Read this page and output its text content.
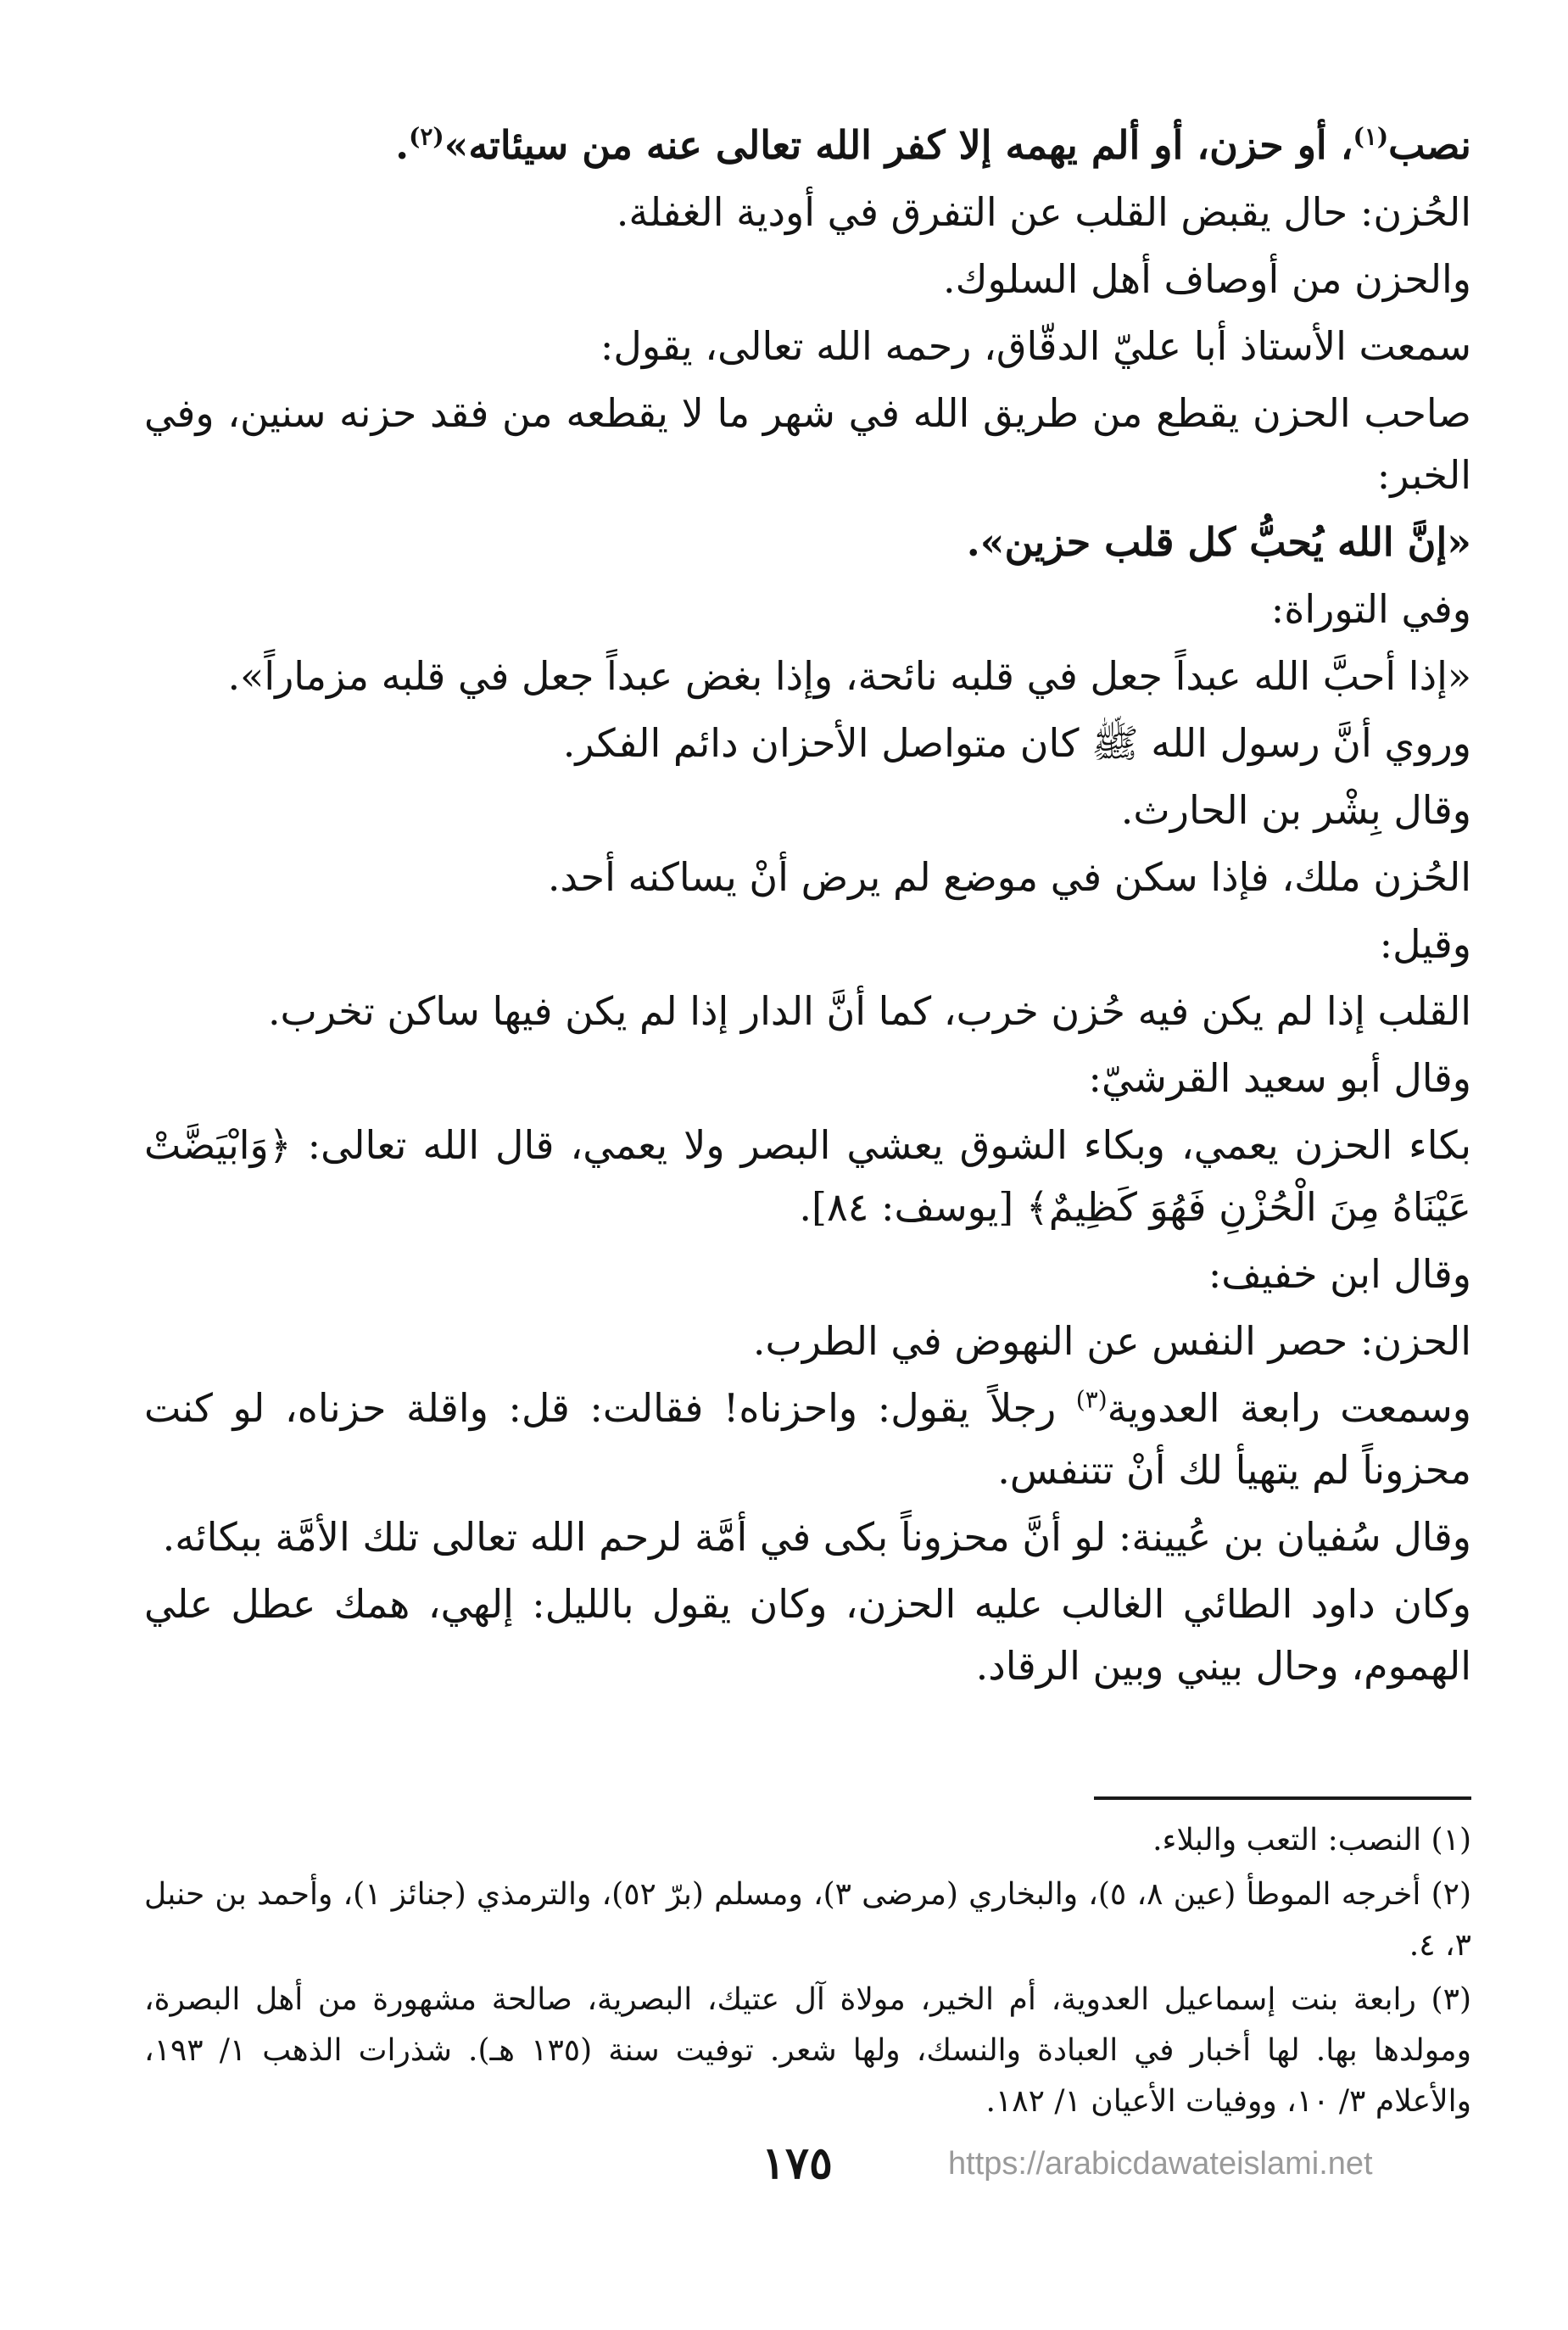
نصب$^{(١)}$، أو حزن، أو ألم يهمه إلا كفر الله تعالى عنه من سيئاته»$^{(٢)}$.

الحُزن: حال يقبض القلب عن التفرق في أودية الغفلة.

والحزن من أوصاف أهل السلوك.

سمعت الأستاذ أبا عليّ الدقّاق، رحمه الله تعالى، يقول:

صاحب الحزن يقطع من طريق الله في شهر ما لا يقطعه من فقد حزنه سنين، وفي الخبر:

«إنَّ الله يُحبُّ كل قلب حزين».

وفي التوراة:

«إذا أحبَّ الله عبداً جعل في قلبه نائحة، وإذا بغض عبداً جعل في قلبه مزماراً».

وروي أنَّ رسول الله ﷺ كان متواصل الأحزان دائم الفكر.

وقال بِشْر بن الحارث.

الحُزن ملك، فإذا سكن في موضع لم يرض أنْ يساكنه أحد.

وقيل:

القلب إذا لم يكن فيه حُزن خرب، كما أنَّ الدار إذا لم يكن فيها ساكن تخرب.

وقال أبو سعيد القرشيّ:

بكاء الحزن يعمي، وبكاء الشوق يعشي البصر ولا يعمي، قال الله تعالى: ﴿وَابْيَضَّتْ عَيْنَاهُ مِنَ الْحُزْنِ فَهُوَ كَظِيمٌ﴾ [يوسف: ٨٤].

وقال ابن خفيف:

الحزن: حصر النفس عن النهوض في الطرب.

وسمعت رابعة العدوية$^{(٣)}$ رجلاً يقول: واحزناه! فقالت: قل: واقلة حزناه، لو كنت محزوناً لم يتهيأ لك أنْ تتنفس.

وقال سُفيان بن عُيينة: لو أنَّ محزوناً بكى في أمَّة لرحم الله تعالى تلك الأمَّة ببكائه.

وكان داود الطائي الغالب عليه الحزن، وكان يقول بالليل: إلهي، همك عطل علي الهموم، وحال بيني وبين الرقاد.

(١) النصب: التعب والبلاء.

(٢) أخرجه الموطأ (عين ٨، ٥)، والبخاري (مرضى ٣)، ومسلم (برّ ٥٢)، والترمذي (جنائز ١)، وأحمد بن حنبل ٣، ٤.

(٣) رابعة بنت إسماعيل العدوية، أم الخير، مولاة آل عتيك، البصرية، صالحة مشهورة من أهل البصرة، ومولدها بها. لها أخبار في العبادة والنسك، ولها شعر. توفيت سنة (١٣٥ هـ). شذرات الذهب ١/ ١٩٣، والأعلام ٣/ ١٠، ووفيات الأعيان ١/ ١٨٢.

١٧٥	https://arabicdawateislami.net
